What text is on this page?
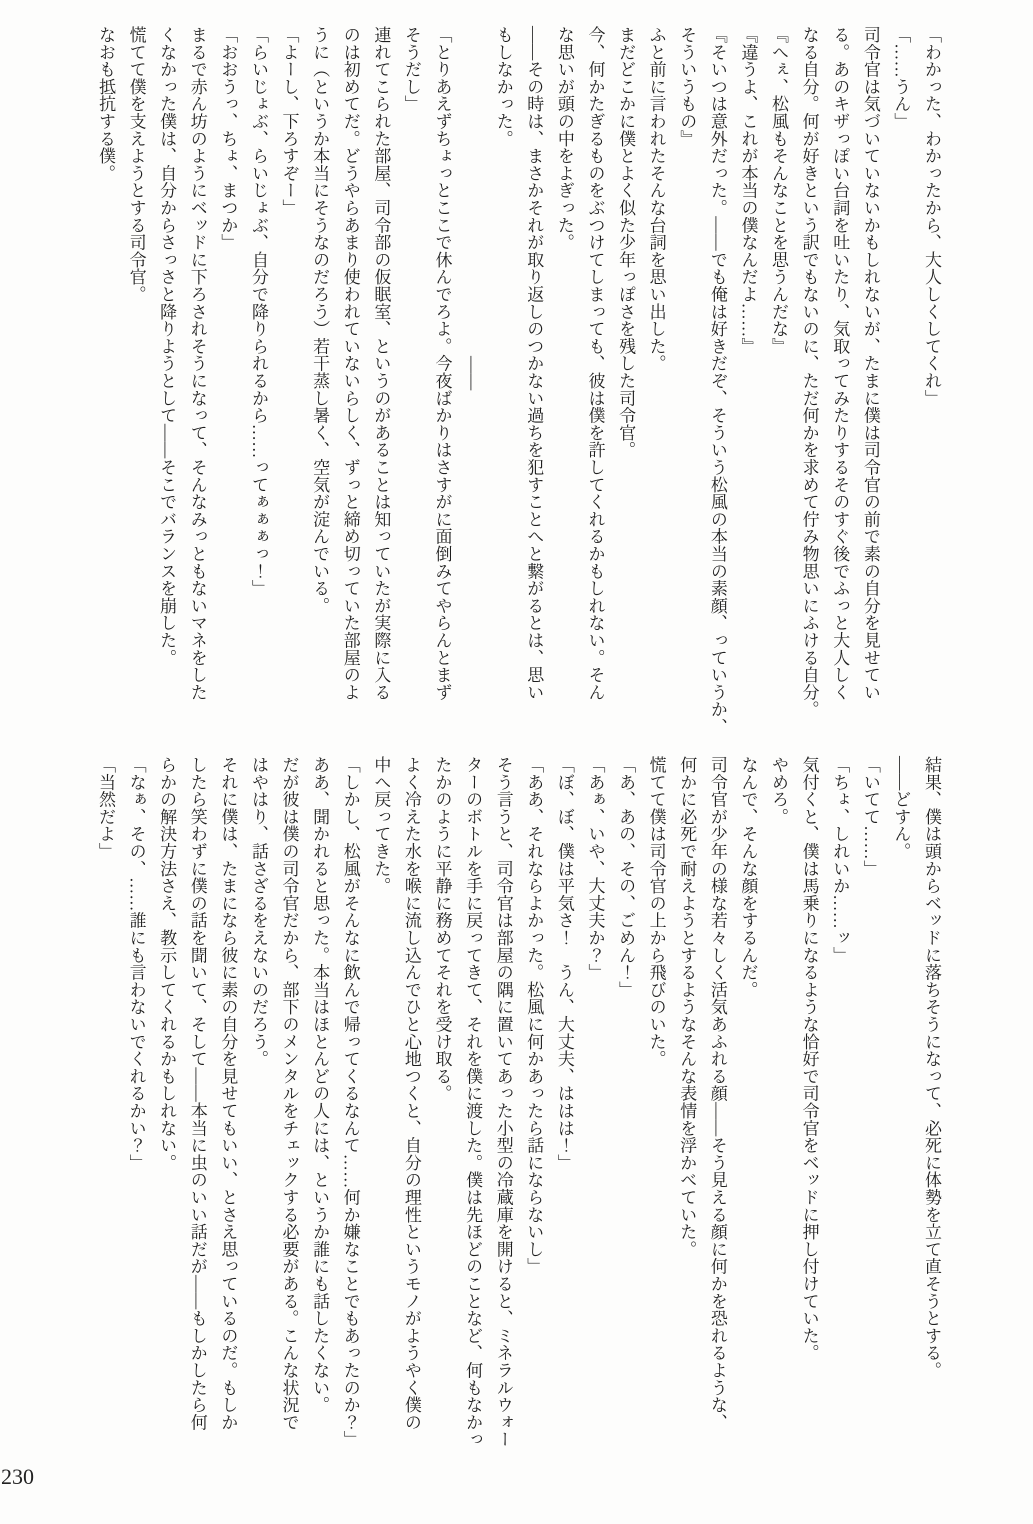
「わかった、わかったから、大人しくしてくれ」

「……うん」

司令官は気づいていないかもしれないが、たまに僕は司令官の前で素の自分を見せてい

る。あのキザっぽい台詞を吐いたり、気取ってみたりするそのすぐ後でふっと大人しく

なる自分。何が好きという訳でもないのに、ただ何かを求めて佇み物思いにふける自分。

『へぇ、松風もそんなことを思うんだな』

『違うよ、これが本当の僕なんだよ……』

『そいつは意外だった。――でも俺は好きだぞ、そういう松風の本当の素顔、っていうか、

そういうもの』

ふと前に言われたそんな台詞を思い出した。

まだどこかに僕とよく似た少年っぽさを残した司令官。

今、何かたぎるものをぶつけてしまっても、彼は僕を許してくれるかもしれない。そん

な思いが頭の中をよぎった。

――その時は、まさかそれが取り返しのつかない過ちを犯すことへと繋がるとは、思い

もしなかった。

――

「とりあえずちょっとここで休んでろよ。今夜ばかりはさすがに面倒みてやらんとまず

そうだし」

連れてこられた部屋、司令部の仮眠室、というのがあることは知っていたが実際に入る

のは初めてだ。どうやらあまり使われていないらしく、ずっと締め切っていた部屋のよ

うに（というか本当にそうなのだろう）若干蒸し暑く、空気が淀んでいる。

「よーし、下ろすぞー」

「らいじょぶ、らいじょぶ、自分で降りられるから……ってぁぁぁっ！」

「おおうっ、ちょ、まつか」

まるで赤ん坊のようにベッドに下ろされそうになって、そんなみっともないマネをした

くなかった僕は、自分からさっさと降りようとして――そこでバランスを崩した。

慌てて僕を支えようとする司令官。

なおも抵抗する僕。

結果、僕は頭からベッドに落ちそうになって、必死に体勢を立て直そうとする。

――どすん。

「いてて……」

「ちょ、しれいか……ッ」

気付くと、僕は馬乗りになるような恰好で司令官をベッドに押し付けていた。

やめろ。

なんで、そんな顔をするんだ。

司令官が少年の様な若々しく活気あふれる顔――そう見える顔に何かを恐れるような、

何かに必死で耐えようとするようなそんな表情を浮かべていた。

慌てて僕は司令官の上から飛びのいた。

「あ、あの、その、ごめん！」

「あぁ、いや、大丈夫か？」

「ぼ、ぼ、僕は平気さ！　うん、大丈夫、ははは！」

「ああ、それならよかった。松風に何かあったら話にならないし」

そう言うと、司令官は部屋の隅に置いてあった小型の冷蔵庫を開けると、ミネラルウォー

ターのボトルを手に戻ってきて、それを僕に渡した。僕は先ほどのことなど、何もなかっ

たかのように平静に務めてそれを受け取る。

よく冷えた水を喉に流し込んでひと心地つくと、自分の理性というモノがようやく僕の

中へ戻ってきた。

「しかし、松風がそんなに飲んで帰ってくるなんて……何か嫌なことでもあったのか？」

ああ、聞かれると思った。本当はほとんどの人には、というか誰にも話したくない。

だが彼は僕の司令官だから、部下のメンタルをチェックする必要がある。こんな状況で

はやはり、話さざるをえないのだろう。

それに僕は、たまになら彼に素の自分を見せてもいい、とさえ思っているのだ。もしか

したら笑わずに僕の話を聞いて、そして――本当に虫のいい話だが――もしかしたら何

らかの解決方法さえ、教示してくれるかもしれない。

「なぁ、その、……誰にも言わないでくれるかい？」

「当然だよ」

230
